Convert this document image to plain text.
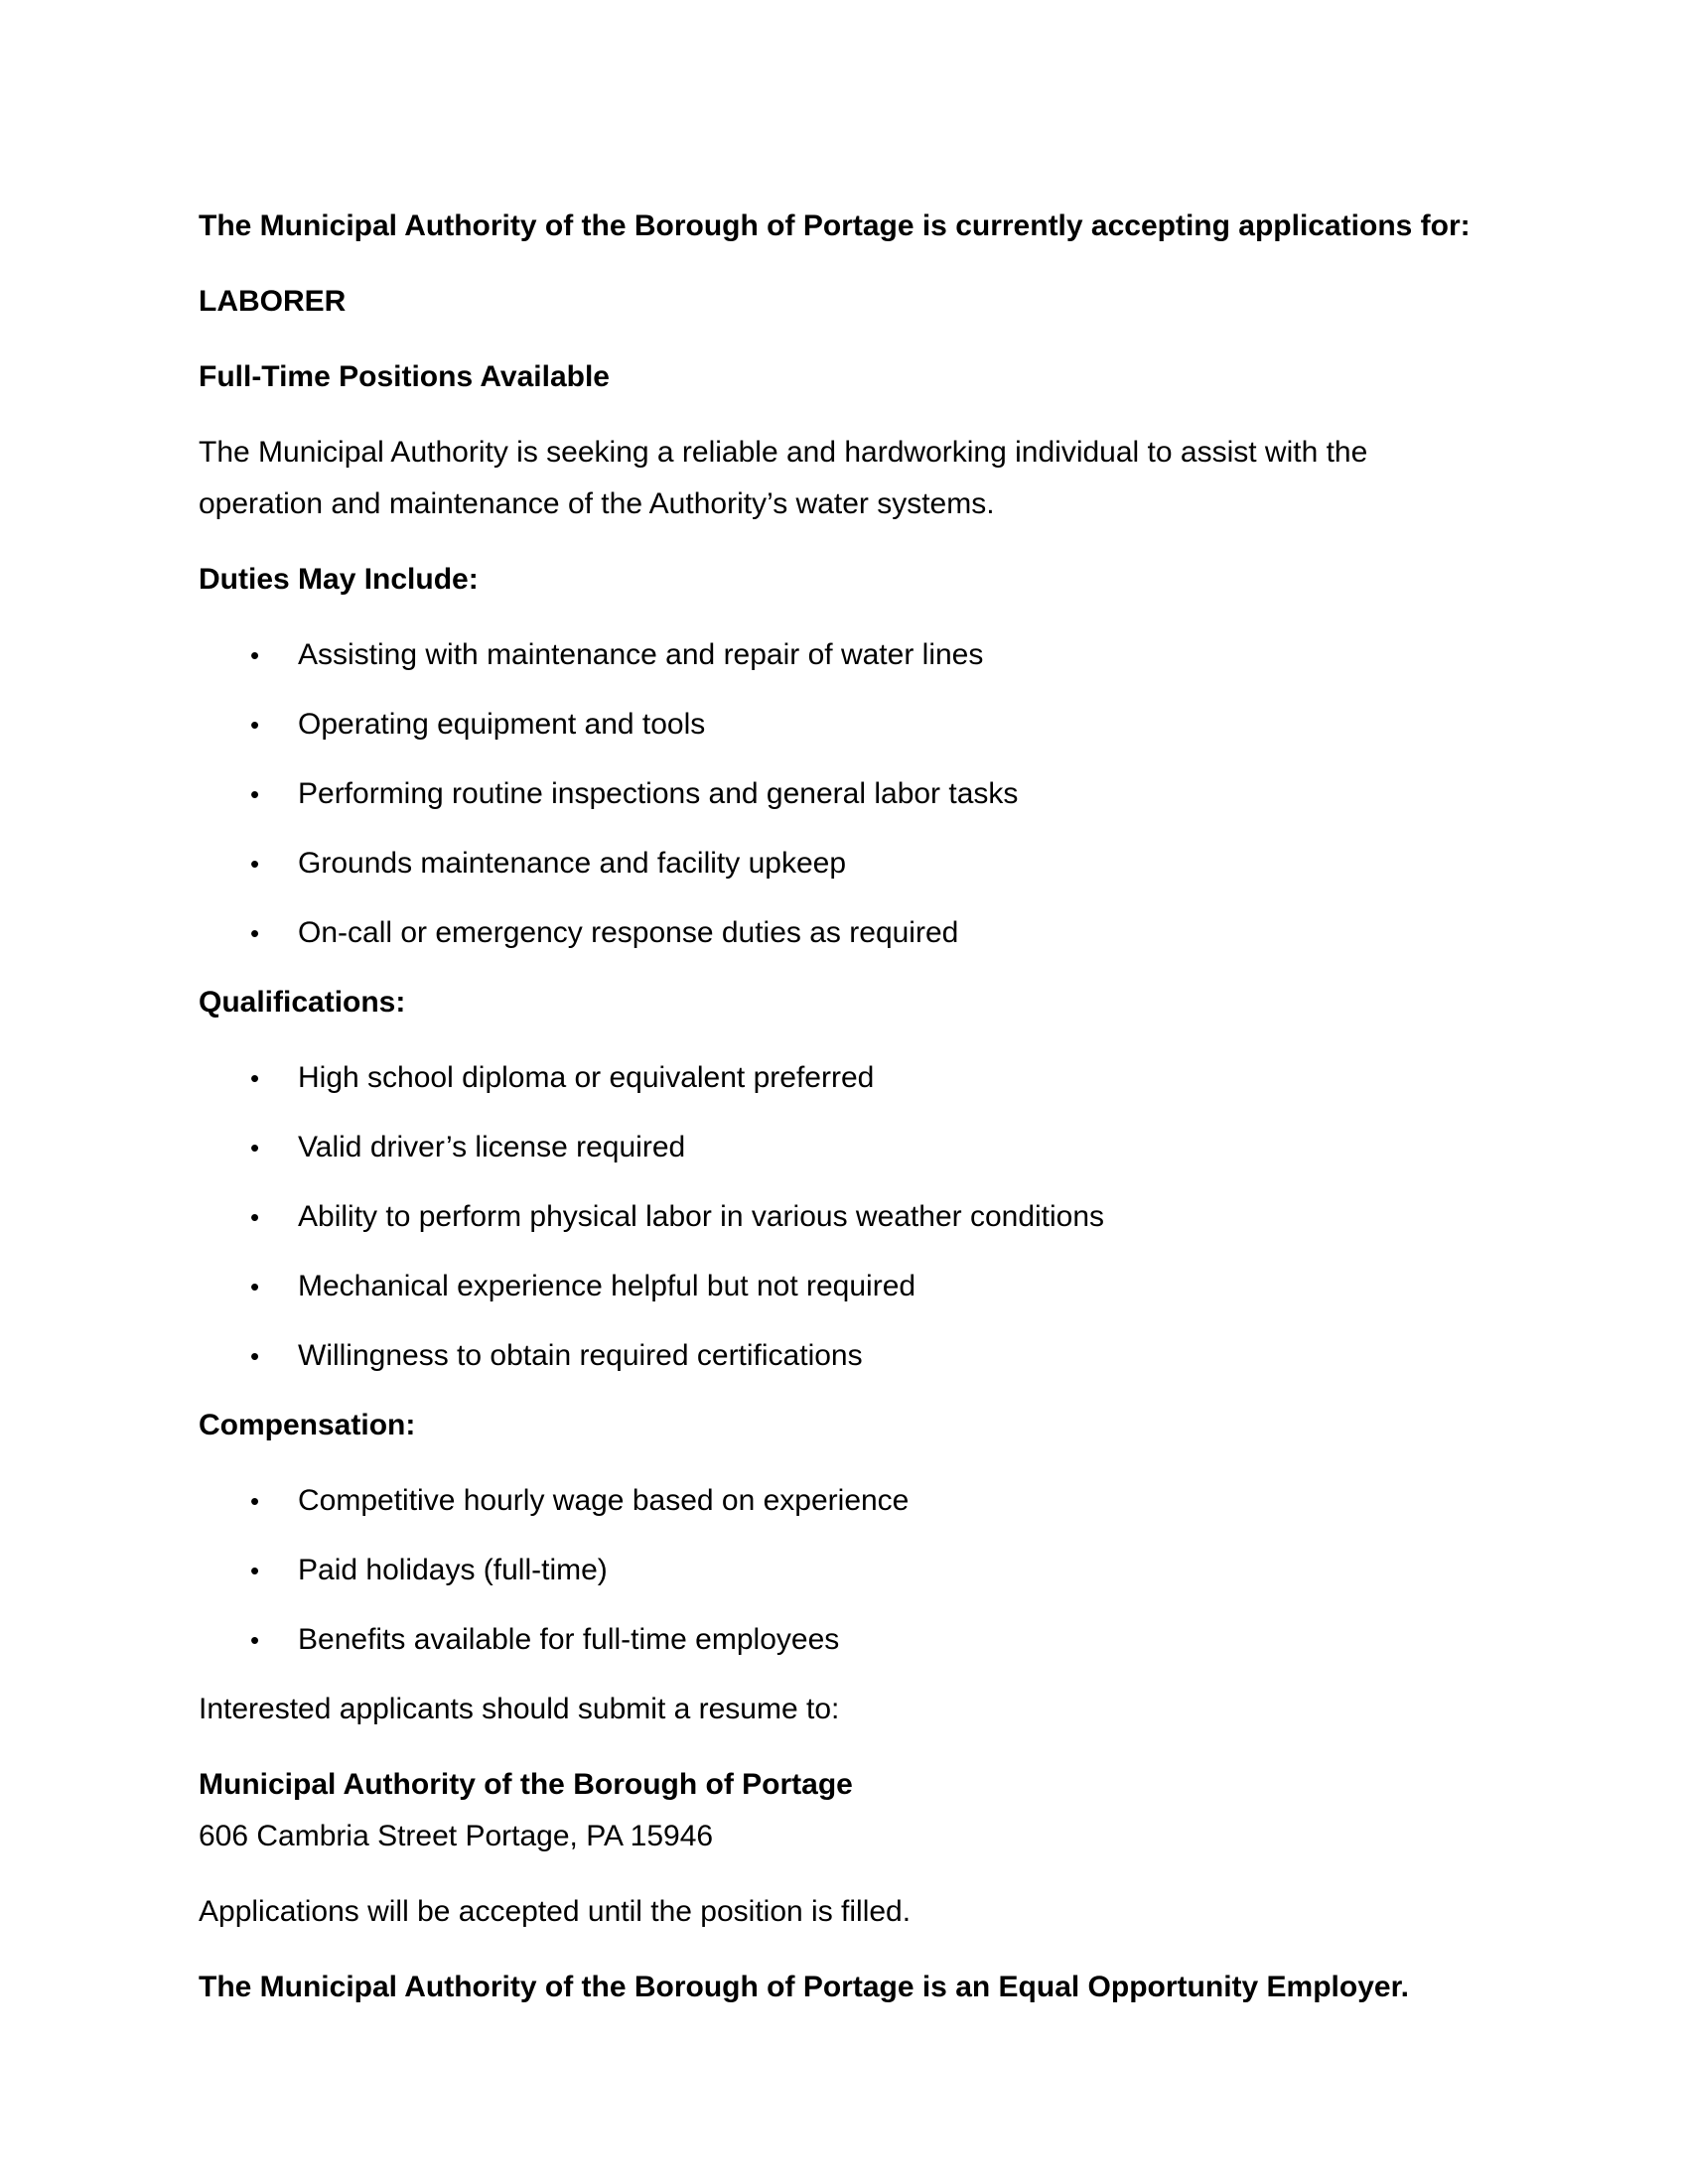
The Municipal Authority of the Borough of Portage is currently accepting applications for:

LABORER

Full-Time Positions Available

The Municipal Authority is seeking a reliable and hardworking individual to assist with the operation and maintenance of the Authority’s water systems.

Duties May Include:

•	Assisting with maintenance and repair of water lines
•	Operating equipment and tools
•	Performing routine inspections and general labor tasks
•	Grounds maintenance and facility upkeep
•	On-call or emergency response duties as required

Qualifications:

•	High school diploma or equivalent preferred
•	Valid driver’s license required
•	Ability to perform physical labor in various weather conditions
•	Mechanical experience helpful but not required
•	Willingness to obtain required certifications

Compensation:

•	Competitive hourly wage based on experience
•	Paid holidays (full-time)
•	Benefits available for full-time employees

Interested applicants should submit a resume to:

Municipal Authority of the Borough of Portage
606 Cambria Street Portage, PA 15946

Applications will be accepted until the position is filled.

The Municipal Authority of the Borough of Portage is an Equal Opportunity Employer.
